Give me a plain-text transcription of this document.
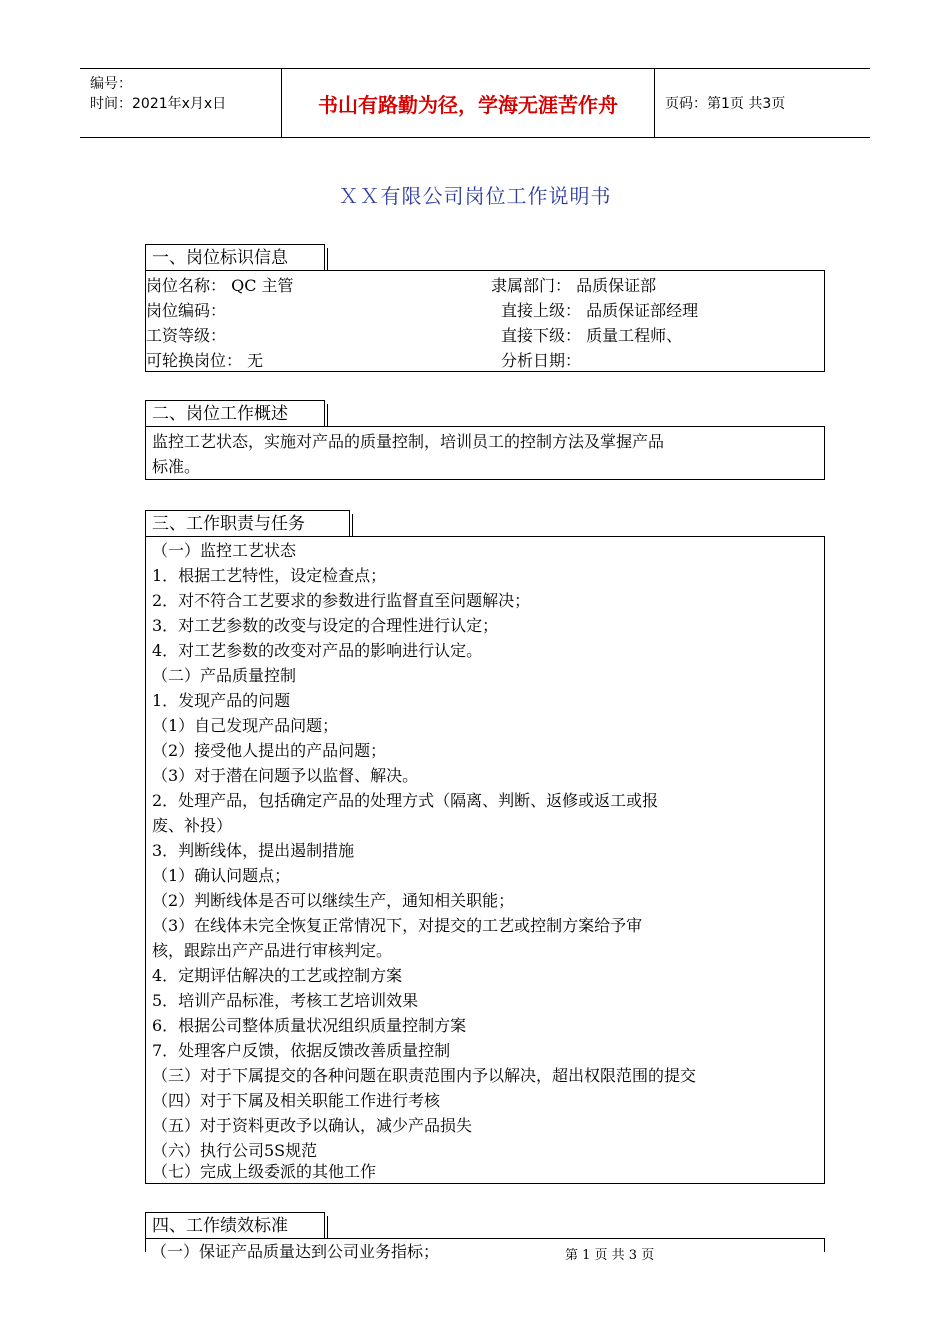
编号：
时间：2021年x月x日	书山有路勤为径，学海无涯苦作舟	页码：第1页 共3页
ＸＸ有限公司岗位工作说明书
一、岗位标识信息
岗位名称： QC 主管	隶属部门： 品质保证部
岗位编码：	直接上级： 品质保证部经理
工资等级：	直接下级： 质量工程师、
可轮换岗位： 无	分析日期：
二、岗位工作概述
监控工艺状态，实施对产品的质量控制，培训员工的控制方法及掌握产品
标准。
三、工作职责与任务
（一）监控工艺状态
1．根据工艺特性，设定检查点；
2．对不符合工艺要求的参数进行监督直至问题解决；
3．对工艺参数的改变与设定的合理性进行认定；
4．对工艺参数的改变对产品的影响进行认定。
（二）产品质量控制
1．发现产品的问题
（1）自己发现产品问题；
（2）接受他人提出的产品问题；
（3）对于潜在问题予以监督、解决。
2．处理产品，包括确定产品的处理方式（隔离、判断、返修或返工或报
废、补投）
3．判断线体，提出遏制措施
（1）确认问题点；
（2）判断线体是否可以继续生产，通知相关职能；
（3）在线体未完全恢复正常情况下，对提交的工艺或控制方案给予审
核，跟踪出产产品进行审核判定。
4．定期评估解决的工艺或控制方案
5．培训产品标准，考核工艺培训效果
6．根据公司整体质量状况组织质量控制方案
7．处理客户反馈，依据反馈改善质量控制
（三）对于下属提交的各种问题在职责范围内予以解决，超出权限范围的提交
（四）对于下属及相关职能工作进行考核
（五）对于资料更改予以确认，减少产品损失
（六）执行公司5S规范
（七）完成上级委派的其他工作
四、工作绩效标准
（一）保证产品质量达到公司业务指标；	第 1 页 共 3 页
